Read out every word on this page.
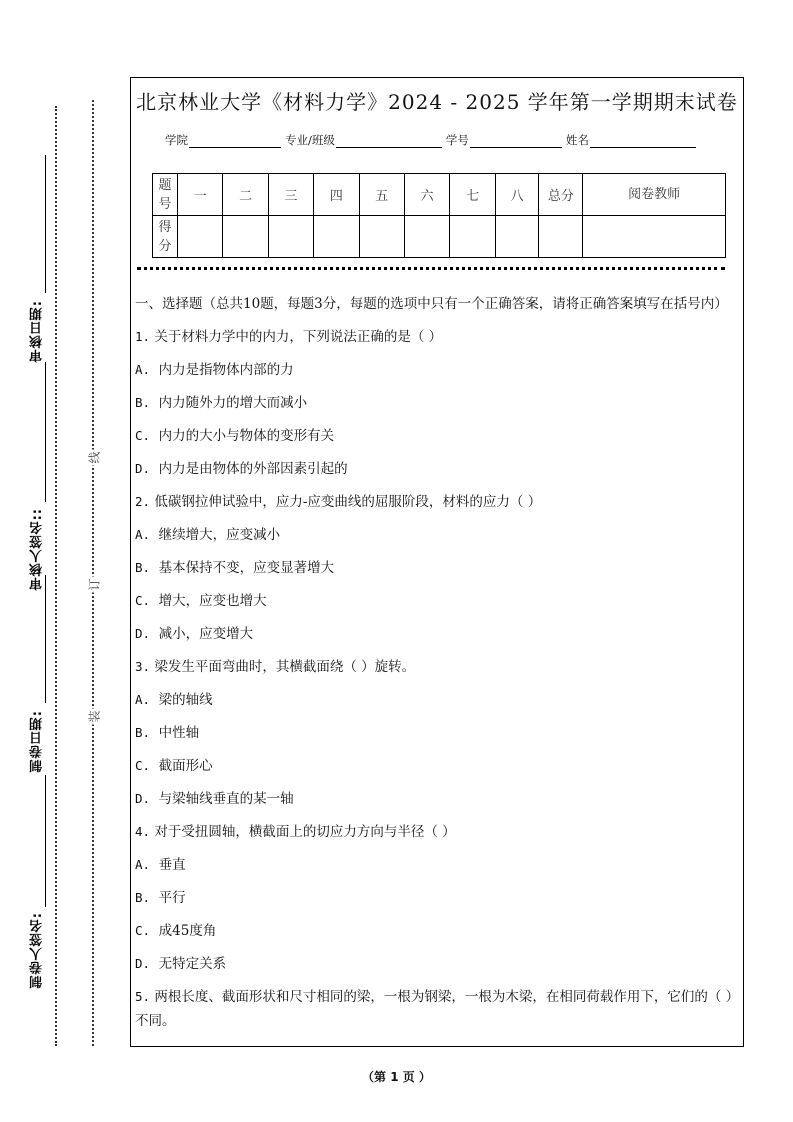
审核日期:
审核人签名::
制卷日期:
制卷人签名:
线
订
装
北京林业大学《材料力学》2024 - 2025 学年第一学期期末试卷
学院	专业/班级	学号	姓名
题号	一	二	三	四	五	六	七	八	总分	阅卷教师
得分										

一、选择题（总共10题，每题3分，每题的选项中只有一个正确答案，请将正确答案填写在括号内）

1. 关于材料力学中的内力，下列说法正确的是（ ）
A. 内力是指物体内部的力
B. 内力随外力的增大而减小
C. 内力的大小与物体的变形有关
D. 内力是由物体的外部因素引起的
2. 低碳钢拉伸试验中，应力-应变曲线的屈服阶段，材料的应力（ ）
A. 继续增大，应变减小
B. 基本保持不变，应变显著增大
C. 增大，应变也增大
D. 减小，应变增大
3. 梁发生平面弯曲时，其横截面绕（ ）旋转。
A. 梁的轴线
B. 中性轴
C. 截面形心
D. 与梁轴线垂直的某一轴
4. 对于受扭圆轴，横截面上的切应力方向与半径（ ）
A. 垂直
B. 平行
C. 成45度角
D. 无特定关系

5. 两根长度、截面形状和尺寸相同的梁，一根为钢梁，一根为木梁，在相同荷载作用下，它们的（ ）不同。

（第 1 页 ）
